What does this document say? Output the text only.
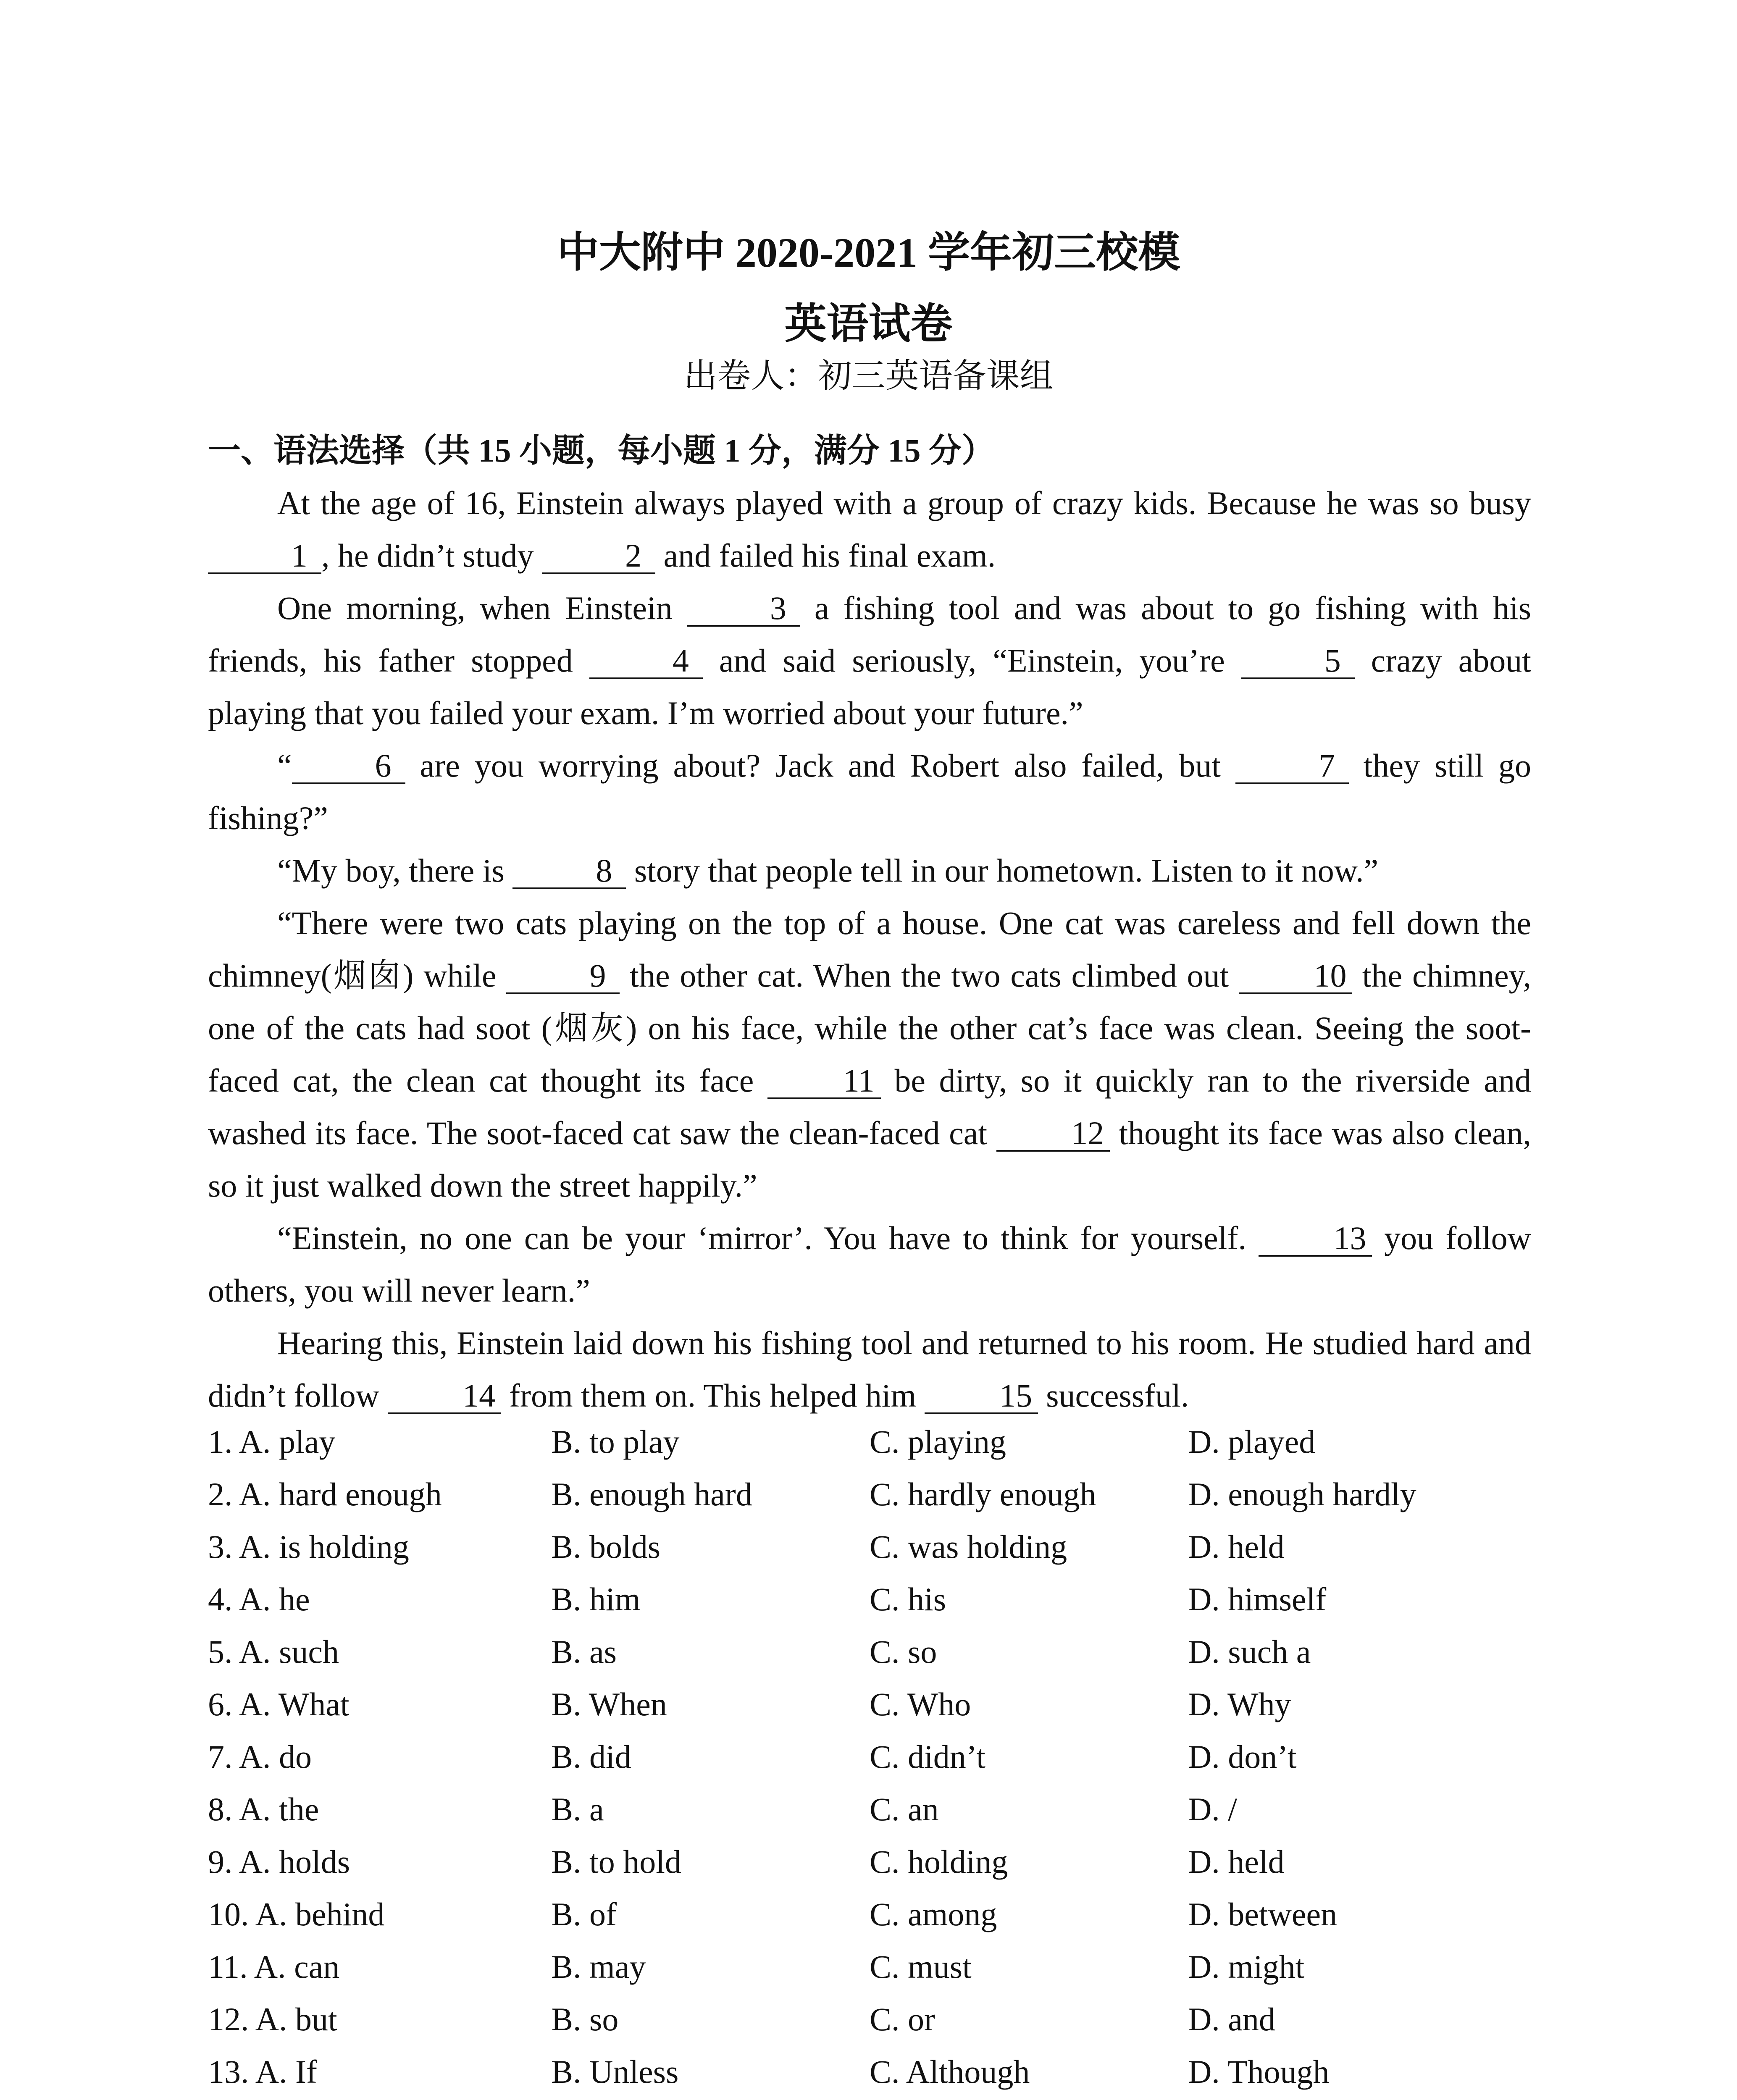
中大附中 2020-2021 学年初三校模
英语试卷
出卷人：初三英语备课组
一、语法选择（共 15 小题，每小题 1 分，满分 15 分）

At the age of 16, Einstein always played with a group of crazy kids. Because he was so busy 1 , he didn’t study	2 and failed his final exam.

One morning, when Einstein	3 a fishing tool and was about to go fishing with his friends, his father stopped	4 and said seriously, “Einstein, you’re	5 crazy about playing that you failed your exam. I’m worried about your future.”

“	6 are you worrying about? Jack and Robert also failed, but	7 they still go fishing?”

“My boy, there is	8 story that people tell in our hometown. Listen to it now.”

“There were two cats playing on the top of a house. One cat was careless and fell down the chimney(烟囱) while	9 the other cat. When the two cats climbed out 10 the chimney, one of the cats had soot (烟灰) on his face, while the other cat’s face was clean. Seeing the soot-faced cat, the clean cat thought its face 11 be dirty, so it quickly ran to the riverside and washed its face. The soot-faced cat saw the clean-faced cat 12 thought its face was also clean, so it just walked down the street happily.”

“Einstein, no one can be your ‘mirror’. You have to think for yourself. 13 you follow others, you will never learn.”

Hearing this, Einstein laid down his fishing tool and returned to his room. He studied hard and didn’t follow 14 from them on. This helped him 15 successful.

1. A. play	B. to play	C. playing	D. played
2. A. hard enough	B. enough hard	C. hardly enough	D. enough hardly
3. A. is holding	B. bolds	C. was holding	D. held
4. A. he	B. him	C. his	D. himself
5. A. such	B. as	C. so	D. such a
6. A. What	B. When	C. Who	D. Why
7. A. do	B. did	C. didn’t	D. don’t
8. A. the	B. a	C. an	D. /
9. A. holds	B. to hold	C. holding	D. held
10. A. behind	B. of	C. among	D. between
11. A. can	B. may	C. must	D. might
12. A. but	B. so	C. or	D. and
13. A. If	B. Unless	C. Although	D. Though
